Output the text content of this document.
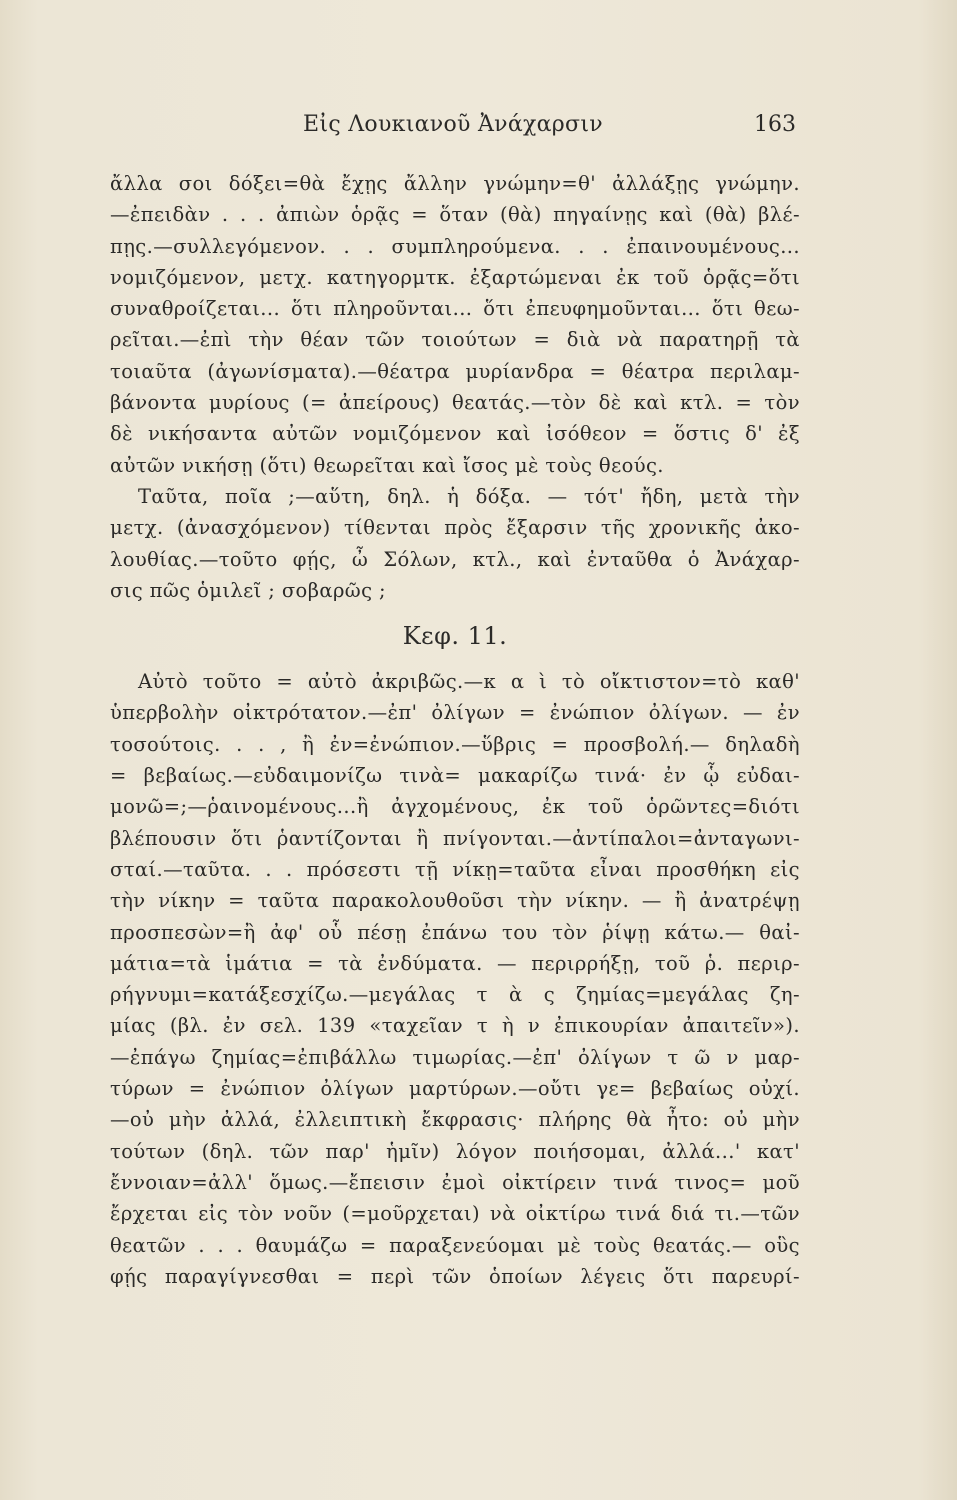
Εἰς Λουκιανοῦ Ἀνάχαρσιν	163
ἄλλα σοι δόξει=θὰ ἔχῃς ἄλλην γνώμην=θ' ἀλλάξῃς γνώμην.
—ἐπειδὰν . . . ἀπιὼν ὁρᾷς = ὅταν (θὰ) πηγαίνῃς καὶ (θὰ) βλέ-
πῃς.—συλλεγόμενον. . . συμπληρούμενα. . . ἐπαινουμένους...
νομιζόμενον, μετχ. κατηγορμτκ. ἐξαρτώμεναι ἐκ τοῦ ὁρᾷς=ὅτι
συναθροίζεται... ὅτι πληροῦνται... ὅτι ἐπευφημοῦνται... ὅτι θεω-
ρεῖται.—ἐπὶ τὴν θέαν τῶν τοιούτων = διὰ νὰ παρατηρῇ τὰ
τοιαῦτα (ἀγωνίσματα).—θέατρα μυρίανδρα = θέατρα περιλαμ-
βάνοντα μυρίους (= ἀπείρους) θεατάς.—τὸν δὲ καὶ κτλ. = τὸν
δὲ νικήσαντα αὐτῶν νομιζόμενον καὶ ἰσόθεον = ὅστις δ' ἐξ
αὐτῶν νικήσῃ (ὅτι) θεωρεῖται καὶ ἴσος μὲ τοὺς θεούς.
Ταῦτα, ποῖα ;—αὕτη, δηλ. ἡ δόξα. — τότ' ἤδη, μετὰ τὴν
μετχ. (ἀνασχόμενον) τίθενται πρὸς ἔξαρσιν τῆς χρονικῆς ἀκο-
λουθίας.—τοῦτο φῄς, ὦ Σόλων, κτλ., καὶ ἐνταῦθα ὁ Ἀνάχαρ-
σις πῶς ὁμιλεῖ ; σοβαρῶς ;
Κεφ. 11.
Αὐτὸ τοῦτο = αὐτὸ ἀκριβῶς.—κ α ὶ τὸ οἴκτιστον=τὸ καθ'
ὑπερβολὴν οἰκτρότατον.—ἐπ' ὀλίγων = ἐνώπιον ὀλίγων. — ἐν
τοσούτοις. . . , ἢ ἐν=ἐνώπιον.—ὕβρις = προσβολή.— δηλαδὴ
= βεβαίως.—εὐδαιμονίζω τινὰ= μακαρίζω τινά· ἐν ᾧ εὐδαι-
μονῶ=;—ῥαινομένους...ἢ ἀγχομένους, ἐκ τοῦ ὁρῶντες=διότι
βλέπουσιν ὅτι ῥαντίζονται ἢ πνίγονται.—ἀντίπαλοι=ἀνταγωνι-
σταί.—ταῦτα. . . πρόσεστι τῇ νίκῃ=ταῦτα εἶναι προσθήκη εἰς
τὴν νίκην = ταῦτα παρακολουθοῦσι τὴν νίκην. — ἢ ἀνατρέψῃ
προσπεσὼν=ἢ ἀφ' οὗ πέσῃ ἐπάνω του τὸν ῥίψῃ κάτω.— θαἰ-
μάτια=τὰ ἱμάτια = τὰ ἐνδύματα. — περιρρήξῃ, τοῦ ῥ. περιρ-
ρήγνυμι=κατάξεσχίζω.—μεγάλας τ ὰ ς ζημίας=μεγάλας ζη-
μίας (βλ. ἐν σελ. 139 «ταχεῖαν τ ὴ ν ἐπικουρίαν ἀπαιτεῖν»).
—ἐπάγω ζημίας=ἐπιβάλλω τιμωρίας.—ἐπ' ὀλίγων τ ῶ ν μαρ-
τύρων = ἐνώπιον ὀλίγων μαρτύρων.—οὔτι γε= βεβαίως οὐχί.
—οὐ μὴν ἀλλά, ἐλλειπτικὴ ἔκφρασις· πλήρης θὰ ἦτο: οὐ μὴν
τούτων (δηλ. τῶν παρ' ἡμῖν) λόγον ποιήσομαι, ἀλλά...' κατ'
ἔννοιαν=ἀλλ' ὅμως.—ἔπεισιν ἐμοὶ οἰκτίρειν τινά τινος= μοῦ
ἔρχεται εἰς τὸν νοῦν (=μοῦρχεται) νὰ οἰκτίρω τινά διά τι.—τῶν
θεατῶν . . . θαυμάζω = παραξενεύομαι μὲ τοὺς θεατάς.— οὓς
φῄς παραγίγνεσθαι = περὶ τῶν ὁποίων λέγεις ὅτι παρευρί-
